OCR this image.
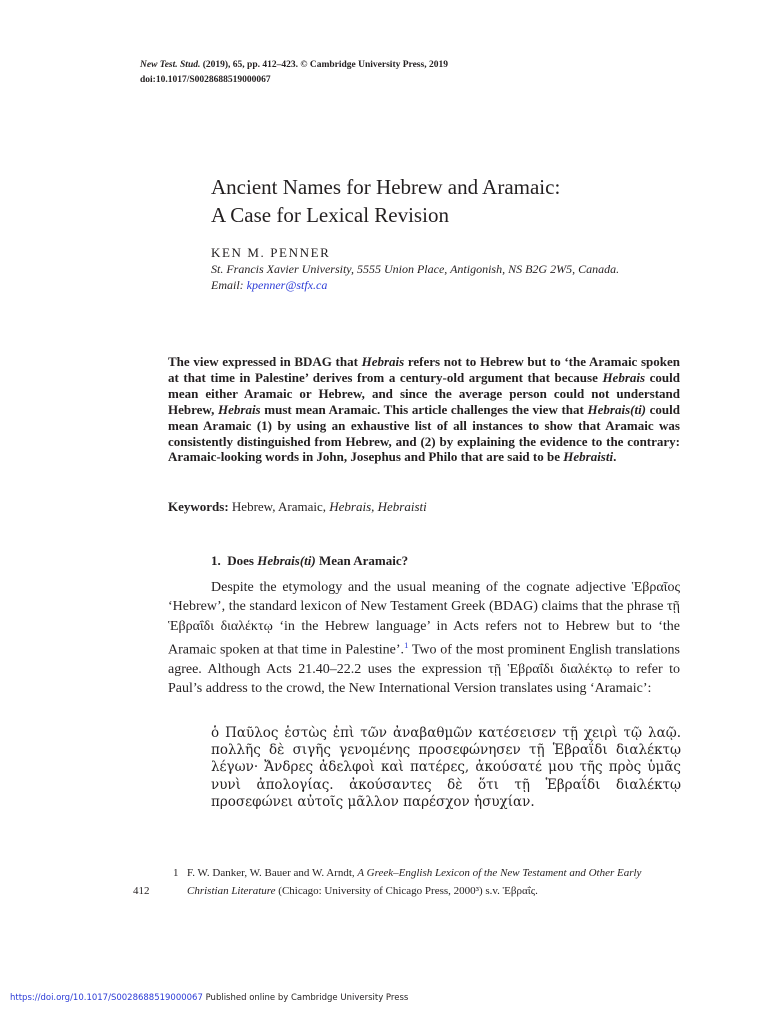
New Test. Stud. (2019), 65, pp. 412–423. © Cambridge University Press, 2019
doi:10.1017/S0028688519000067
Ancient Names for Hebrew and Aramaic:
A Case for Lexical Revision
KEN M. PENNER
St. Francis Xavier University, 5555 Union Place, Antigonish, NS B2G 2W5, Canada.
Email: kpenner@stfx.ca

The view expressed in BDAG that Hebrais refers not to Hebrew but to ‘the Aramaic spoken at that time in Palestine’ derives from a century-old argument that because Hebrais could mean either Aramaic or Hebrew, and since the average person could not understand Hebrew, Hebrais must mean Aramaic. This article challenges the view that Hebrais(ti) could mean Aramaic (1) by using an exhaustive list of all instances to show that Aramaic was consistently distinguished from Hebrew, and (2) by explaining the evidence to the contrary: Aramaic-looking words in John, Josephus and Philo that are said to be Hebraisti.

Keywords: Hebrew, Aramaic, Hebrais, Hebraisti
1. Does Hebrais(ti) Mean Aramaic?

Despite the etymology and the usual meaning of the cognate adjective Ἑβραῖος ‘Hebrew’, the standard lexicon of New Testament Greek (BDAG) claims that the phrase τῇ Ἑβραΐδι διαλέκτῳ ‘in the Hebrew language’ in Acts refers not to Hebrew but to ‘the Aramaic spoken at that time in Palestine’.$^1$ Two of the most prominent English translations agree. Although Acts 21.40–22.2 uses the expression τῇ Ἑβραΐδι διαλέκτῳ to refer to Paul’s address to the crowd, the New International Version translates using ‘Aramaic’:

ὁ Παῦλος ἑστὼς ἐπὶ τῶν ἀναβαθμῶν κατέσεισεν τῇ χειρὶ τῷ λαῷ. πολλῆς δὲ σιγῆς γενομένης προσεφώνησεν τῇ Ἑβραΐδι διαλέκτῳ λέγων· Ἄνδρες ἀδελφοὶ καὶ πατέρες, ἀκούσατέ μου τῆς πρὸς ὑμᾶς νυνὶ ἀπολογίας. ἀκούσαντες δὲ ὅτι τῇ Ἑβραΐδι διαλέκτῳ προσεφώνει αὐτοῖς μᾶλλον παρέσχον ἡσυχίαν.

1 F. W. Danker, W. Bauer and W. Arndt, A Greek–English Lexicon of the New Testament and Other Early Christian Literature (Chicago: University of Chicago Press, 2000³) s.v. Ἑβραΐς.
412
https://doi.org/10.1017/S0028688519000067 Published online by Cambridge University Press
